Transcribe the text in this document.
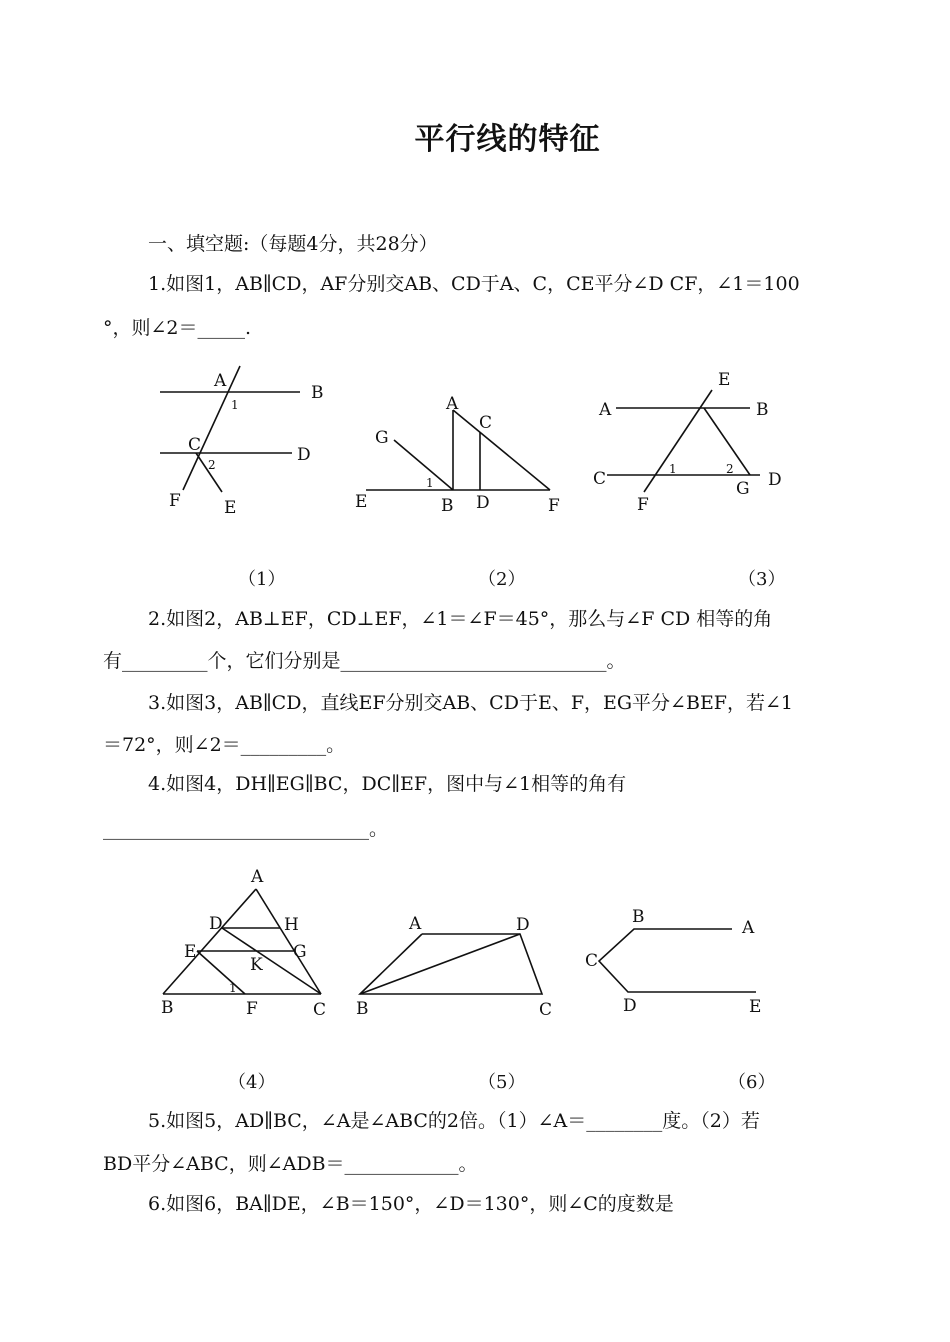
平行线的特征
一、填空题:（每题4分，共28分）
1.如图1，AB∥CD，AF分别交AB、CD于A、C，CE平分∠D CF，∠1＝100
°，则∠2＝_____.
A
B
1
C	D
2
F	E
A
C
G
1
E	B D	F
E
A	B
1	2
C	D
G
F
（1）	（2）	（3）
2.如图2，AB⊥EF，CD⊥EF，∠1＝∠F＝45°，那么与∠F CD 相等的角
有_________个，它们分别是____________________________。
3.如图3，AB∥CD，直线EF分别交AB、CD于E、F，EG平分∠BEF，若∠1
＝72°，则∠2＝_________。
4.如图4，DH∥EG∥BC，DC∥EF，图中与∠1相等的角有
____________________________。
A
D	H
E	G
K
1
B	F	C
A	D
B	C
B
A
C
D	E
（4）	（5）	（6）
5.如图5，AD∥BC，∠A是∠ABC的2倍。（1）∠A＝________度。（2）若
BD平分∠ABC，则∠ADB＝____________。
6.如图6，BA∥DE，∠B＝150°，∠D＝130°，则∠C的度数是
